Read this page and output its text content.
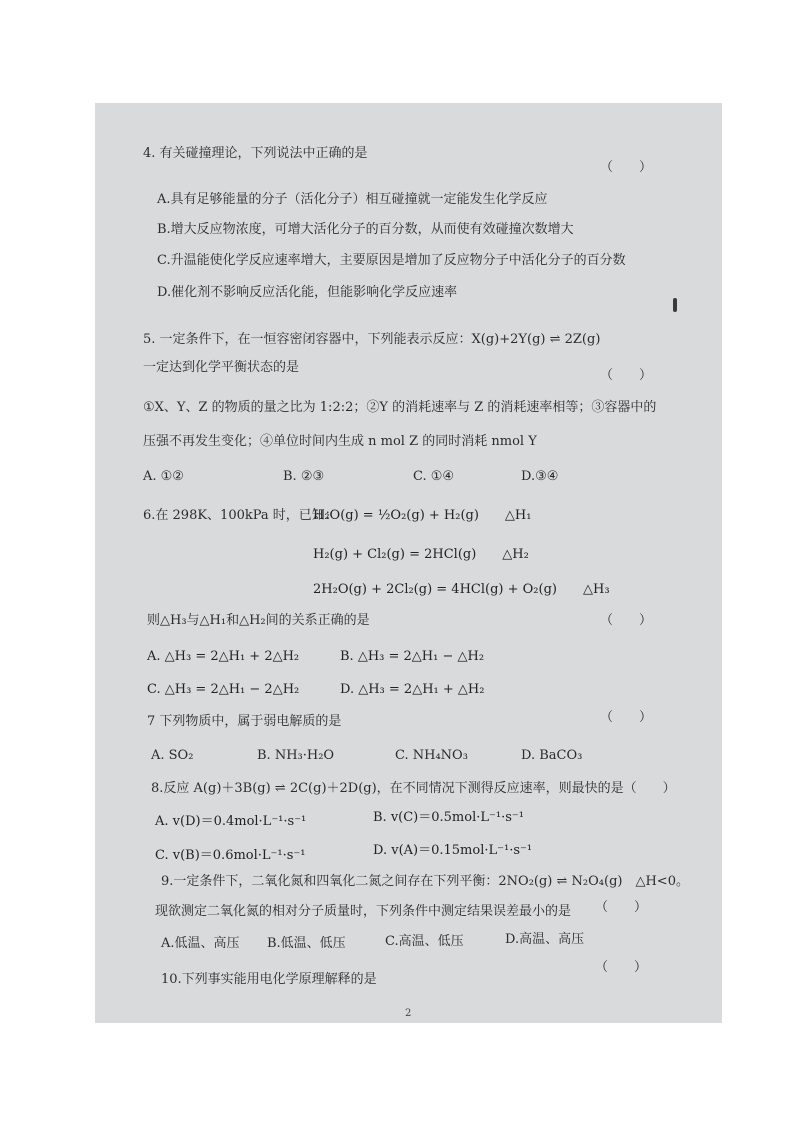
4. 有关碰撞理论，下列说法中正确的是
（　　）
A.具有足够能量的分子（活化分子）相互碰撞就一定能发生化学反应
B.增大反应物浓度，可增大活化分子的百分数，从而使有效碰撞次数增大
C.升温能使化学反应速率增大，主要原因是增加了反应物分子中活化分子的百分数
D.催化剂不影响反应活化能，但能影响化学反应速率
5. 一定条件下，在一恒容密闭容器中，下列能表示反应：X(g)+2Y(g) ⇌ 2Z(g)
一定达到化学平衡状态的是
（　　）
①X、Y、Z 的物质的量之比为 1:2:2；②Y 的消耗速率与 Z 的消耗速率相等；③容器中的
压强不再发生变化；④单位时间内生成 n mol Z 的同时消耗 nmol Y
A. ①②	B. ②③	C. ①④	D.③④
6.在 298K、100kPa 时，已知：
H₂O(g) = ½O₂(g) + H₂(g)　　△H₁
H₂(g) + Cl₂(g) = 2HCl(g)　　△H₂
2H₂O(g) + 2Cl₂(g) = 4HCl(g) + O₂(g)　　△H₃
则△H₃与△H₁和△H₂间的关系正确的是	（　　）
A. △H₃ = 2△H₁ + 2△H₂	B. △H₃ = 2△H₁ − △H₂
C. △H₃ = 2△H₁ − 2△H₂	D. △H₃ = 2△H₁ + △H₂
7 下列物质中，属于弱电解质的是	（　　）
A. SO₂	B. NH₃·H₂O	C. NH₄NO₃	D. BaCO₃
8.反应 A(g)＋3B(g) ⇌ 2C(g)＋2D(g)，在不同情况下测得反应速率，则最快的是（　　）
A. v(D)＝0.4mol·L⁻¹·s⁻¹	B. v(C)＝0.5mol·L⁻¹·s⁻¹
C. v(B)＝0.6mol·L⁻¹·s⁻¹	D. v(A)＝0.15mol·L⁻¹·s⁻¹
9.一定条件下，二氧化氮和四氧化二氮之间存在下列平衡：2NO₂(g) ⇌ N₂O₄(g)　△H<0。
现欲测定二氧化氮的相对分子质量时，下列条件中测定结果误差最小的是 （　　）
A.低温、高压 B.低温、低压	C.高温、低压	D.高温、高压
10.下列事实能用电化学原理解释的是
（　　）
2
